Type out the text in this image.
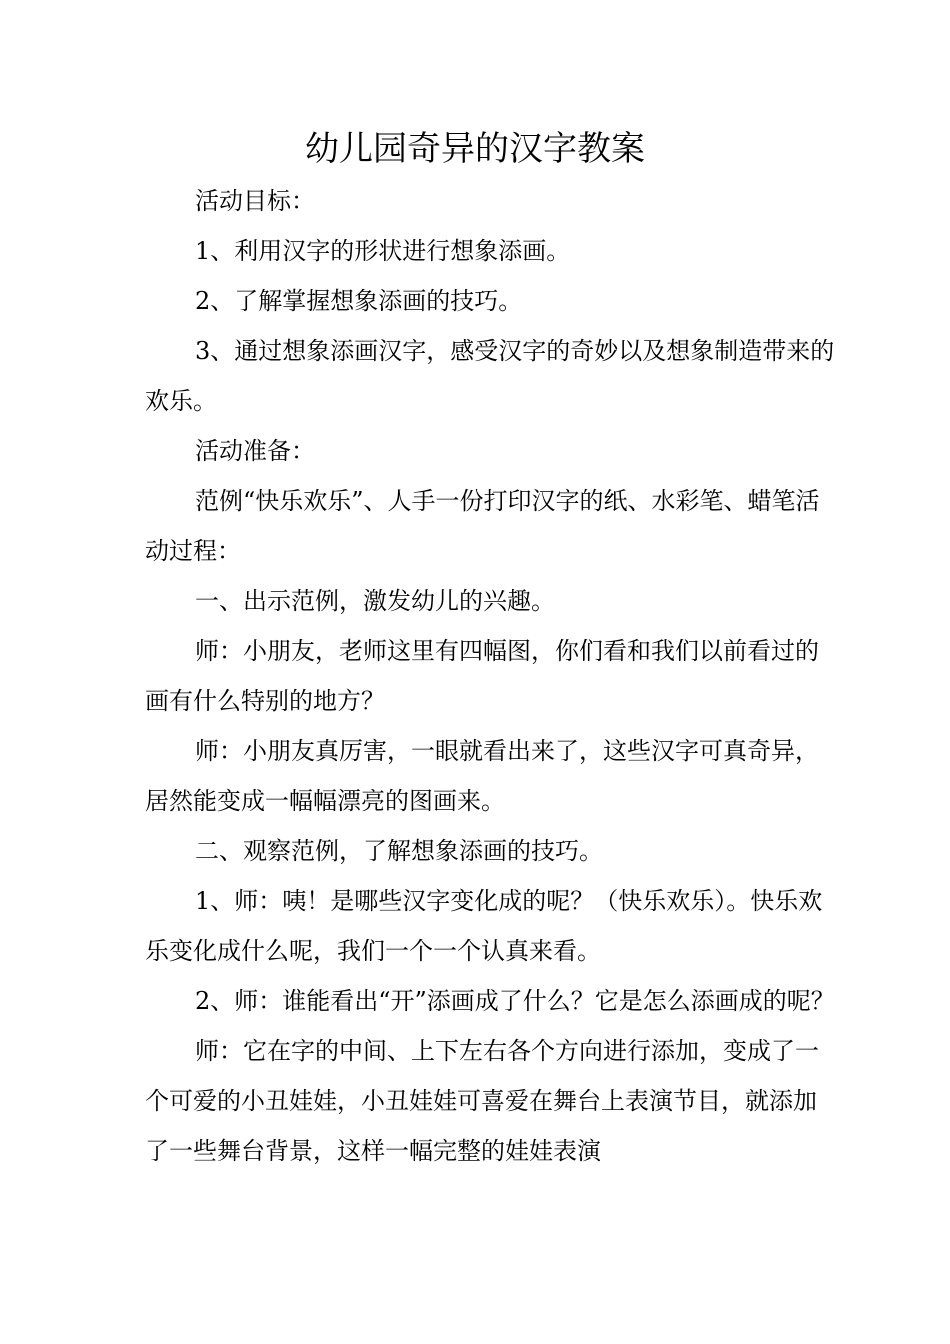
幼儿园奇异的汉字教案

活动目标：

1、利用汉字的形状进行想象添画。

2、了解掌握想象添画的技巧。

3、通过想象添画汉字，感受汉字的奇妙以及想象制造带来的欢乐。

活动准备：

范例“快乐欢乐”、人手一份打印汉字的纸、水彩笔、蜡笔活动过程：

一、出示范例，激发幼儿的兴趣。

师：小朋友，老师这里有四幅图，你们看和我们以前看过的画有什么特别的地方？

师：小朋友真厉害，一眼就看出来了，这些汉字可真奇异，居然能变成一幅幅漂亮的图画来。

二、观察范例，了解想象添画的技巧。

1、师：咦！是哪些汉字变化成的呢？（快乐欢乐）。快乐欢乐变化成什么呢，我们一个一个认真来看。

2、师：谁能看出“开”添画成了什么？它是怎么添画成的呢？

师：它在字的中间、上下左右各个方向进行添加，变成了一个可爱的小丑娃娃，小丑娃娃可喜爱在舞台上表演节目，就添加了一些舞台背景，这样一幅完整的娃娃表演
